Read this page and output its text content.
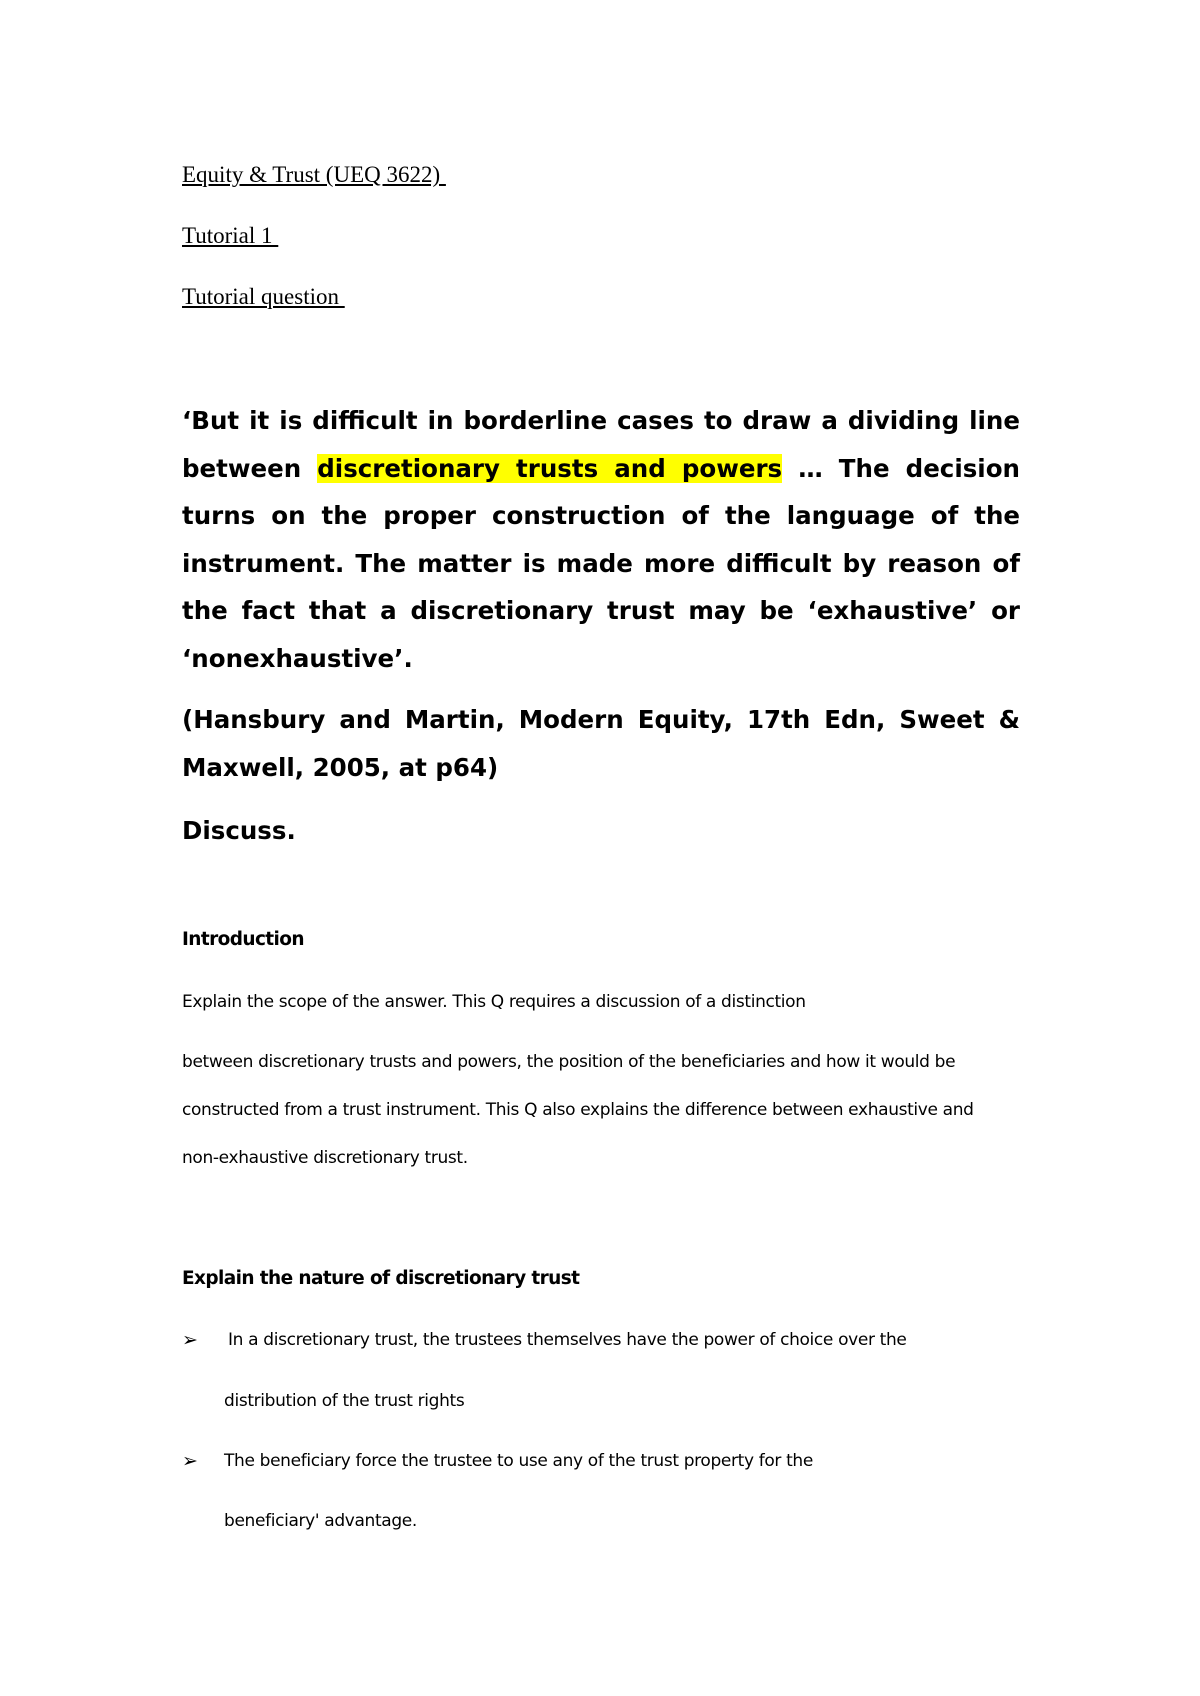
Equity & Trust (UEQ 3622)
Tutorial 1
Tutorial question

‘But it is difficult in borderline cases to draw a dividing line between discretionary trusts and powers … The decision turns on the proper construction of the language of the instrument. The matter is made more difficult by reason of the fact that a discretionary trust may be ‘exhaustive’ or ‘nonexhaustive’.

(Hansbury and Martin, Modern Equity, 17th Edn, Sweet & Maxwell, 2005, at p64)
Discuss.
Introduction
Explain the scope of the answer. This Q requires a discussion of a distinction
between discretionary trusts and powers, the position of the beneficiaries and how it would be
constructed from a trust instrument. This Q also explains the difference between exhaustive and
non-exhaustive discretionary trust.
Explain the nature of discretionary trust
➢ In a discretionary trust, the trustees themselves have the power of choice over the
distribution of the trust rights
➢ The beneficiary force the trustee to use any of the trust property for the
beneficiary' advantage.
